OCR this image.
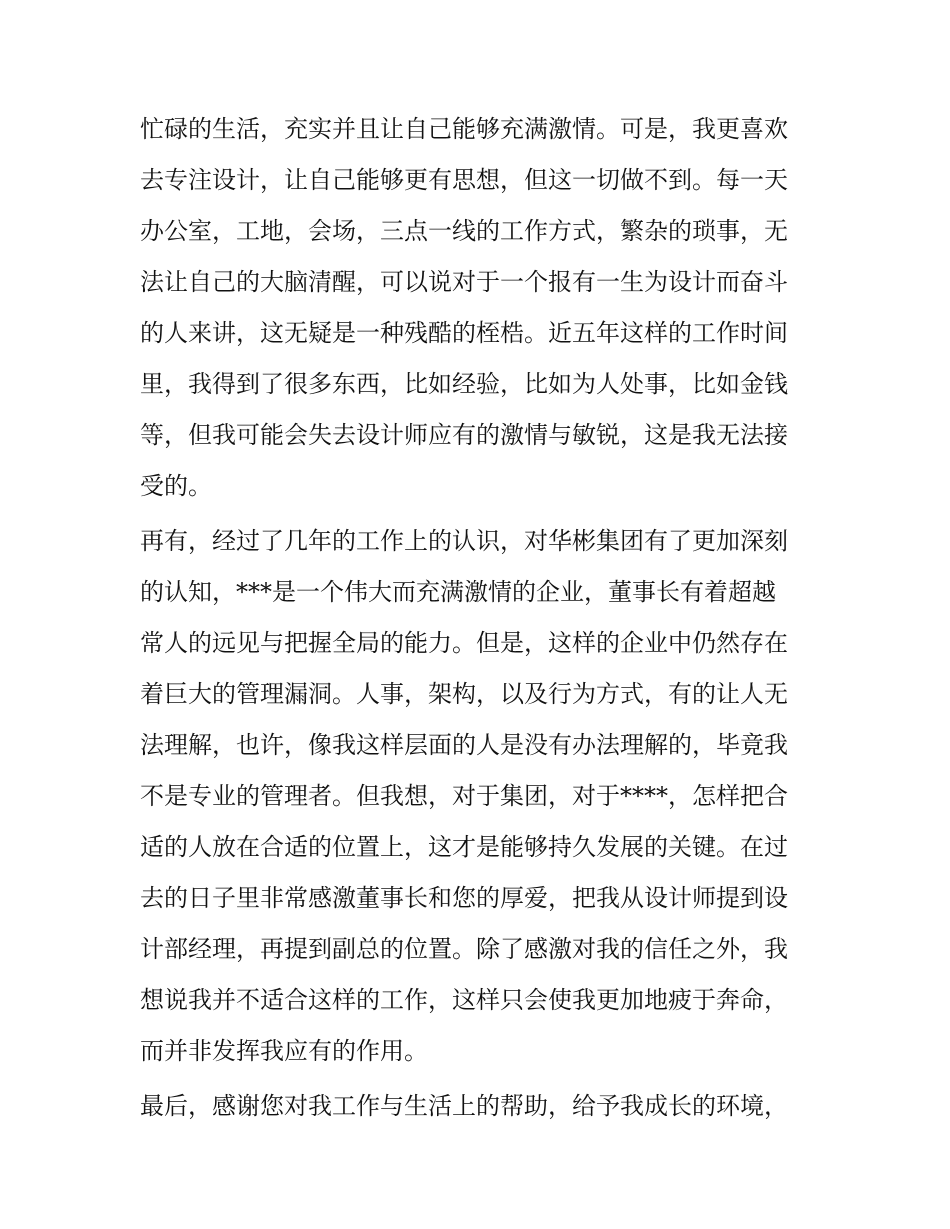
忙碌的生活，充实并且让自己能够充满激情。可是，我更喜欢
去专注设计，让自己能够更有思想，但这一切做不到。每一天
办公室，工地，会场，三点一线的工作方式，繁杂的琐事，无
法让自己的大脑清醒，可以说对于一个报有一生为设计而奋斗
的人来讲，这无疑是一种残酷的桎梏。近五年这样的工作时间
里，我得到了很多东西，比如经验，比如为人处事，比如金钱
等，但我可能会失去设计师应有的激情与敏锐，这是我无法接
受的。
再有，经过了几年的工作上的认识，对华彬集团有了更加深刻
的认知，***是一个伟大而充满激情的企业，董事长有着超越
常人的远见与把握全局的能力。但是，这样的企业中仍然存在
着巨大的管理漏洞。人事，架构，以及行为方式，有的让人无
法理解，也许，像我这样层面的人是没有办法理解的，毕竟我
不是专业的管理者。但我想，对于集团，对于****，怎样把合
适的人放在合适的位置上，这才是能够持久发展的关键。在过
去的日子里非常感激董事长和您的厚爱，把我从设计师提到设
计部经理，再提到副总的位置。除了感激对我的信任之外，我
想说我并不适合这样的工作，这样只会使我更加地疲于奔命，
而并非发挥我应有的作用。
最后，感谢您对我工作与生活上的帮助，给予我成长的环境，
